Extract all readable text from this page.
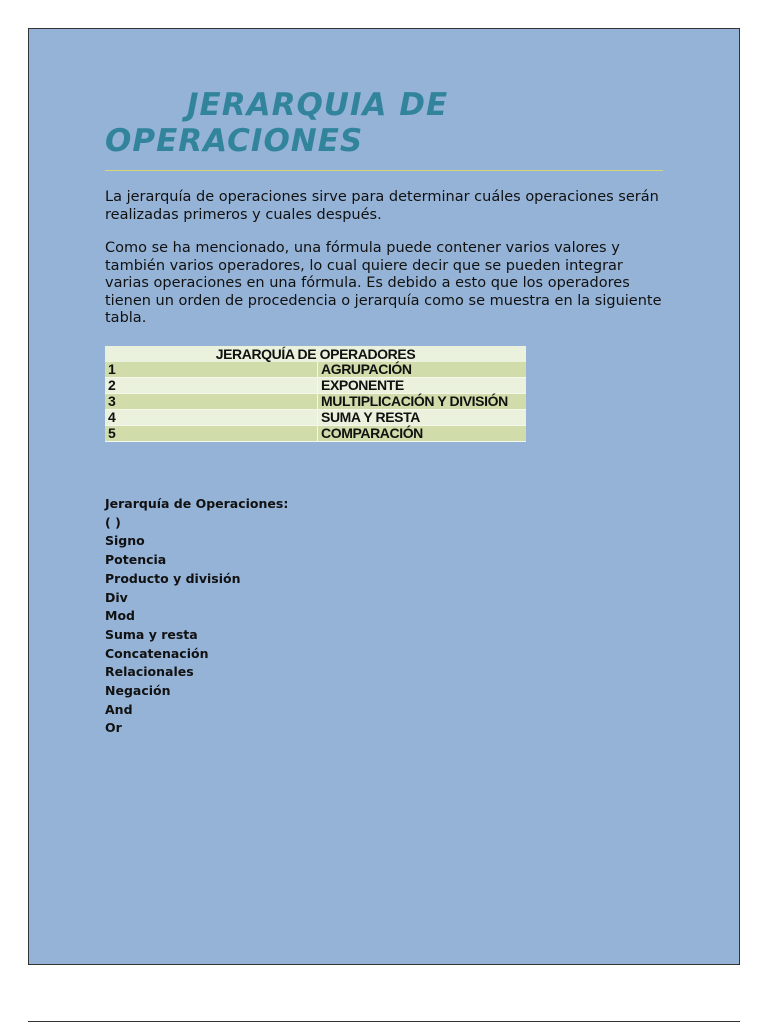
JERARQUIA DE
OPERACIONES

La jerarquía de operaciones sirve para determinar cuáles operaciones serán realizadas primeros y cuales después.

Como se ha mencionado, una fórmula puede contener varios valores y también varios operadores, lo cual quiere decir que se pueden integrar varias operaciones en una fórmula. Es debido a esto que los operadores tienen un orden de procedencia o jerarquía como se muestra en la siguiente tabla.

JERARQUÍA DE OPERADORES	
1	AGRUPACIÓN
2	EXPONENTE
3	MULTIPLICACIÓN Y DIVISIÓN
4	SUMA Y RESTA
5	COMPARACIÓN
Jerarquía de Operaciones:
( )
Signo
Potencia
Producto y división
Div
Mod
Suma y resta
Concatenación
Relacionales
Negación
And
Or
